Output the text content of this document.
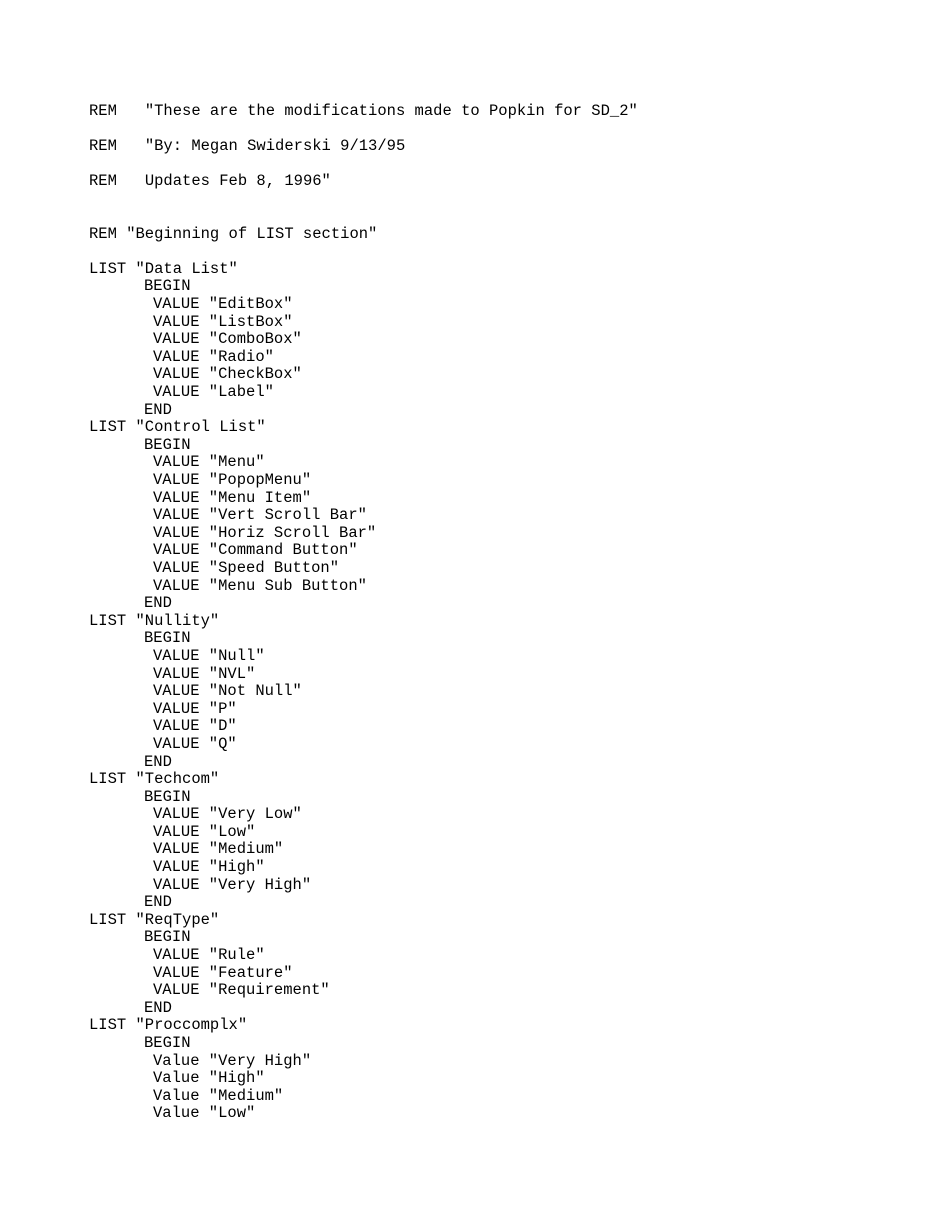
REM "These are the modifications made to Popkin for SD_2"
REM "By: Megan Swiderski 9/13/95
REM Updates Feb 8, 1996"
REM "Beginning of LIST section"
LIST "Data List"
BEGIN
VALUE "EditBox"
VALUE "ListBox"
VALUE "ComboBox"
VALUE "Radio"
VALUE "CheckBox"
VALUE "Label"
END
LIST "Control List"
BEGIN
VALUE "Menu"
VALUE "PopopMenu"
VALUE "Menu Item"
VALUE "Vert Scroll Bar"
VALUE "Horiz Scroll Bar"
VALUE "Command Button"
VALUE "Speed Button"
VALUE "Menu Sub Button"
END
LIST "Nullity"
BEGIN
VALUE "Null"
VALUE "NVL"
VALUE "Not Null"
VALUE "P"
VALUE "D"
VALUE "Q"
END
LIST "Techcom"
BEGIN
VALUE "Very Low"
VALUE "Low"
VALUE "Medium"
VALUE "High"
VALUE "Very High"
END
LIST "ReqType"
BEGIN
VALUE "Rule"
VALUE "Feature"
VALUE "Requirement"
END
LIST "Proccomplx"
BEGIN
Value "Very High"
Value "High"
Value "Medium"
Value "Low"
